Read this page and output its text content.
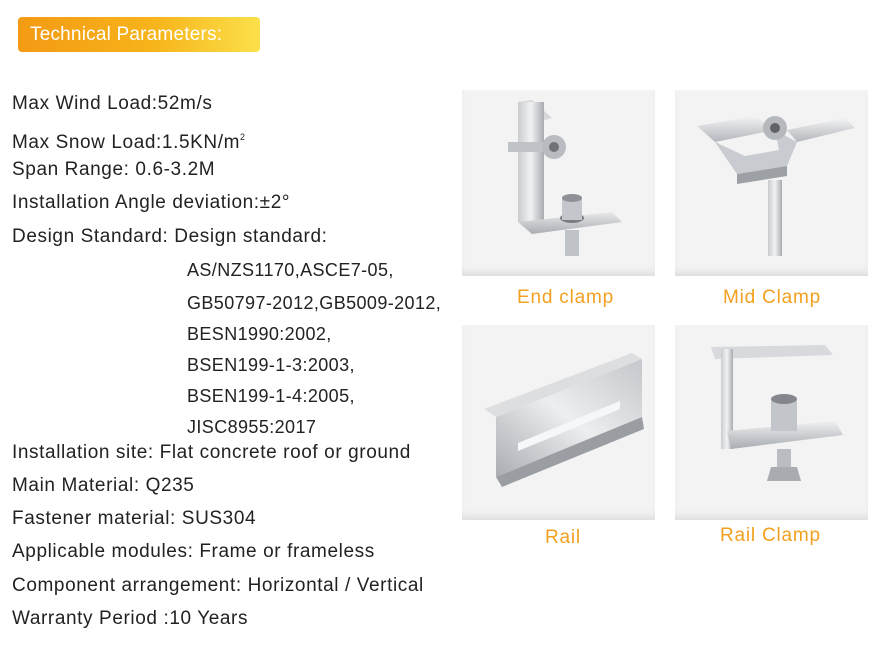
Technical Parameters:
Max Wind Load:52m/s
Max Snow $Load:1.5KN/m^2$
Span Range: 0.6-3.2M
Installation Angle deviation:±2°
Design Standard: Design standard:
AS/NZS1170,ASCE7-05,
GB50797-2012,GB5009-2012,
BESN1990:2002,
BSEN199-1-3:2003,
BSEN199-1-4:2005,
JISC8955:2017
Installation site: Flat concrete roof or ground
Main Material: Q235
Fastener material: SUS304
Applicable modules: Frame or frameless
Component arrangement: Horizontal / Vertical
Warranty Period :10 Years
End clamp	Mid Clamp
Rail	Rail Clamp
